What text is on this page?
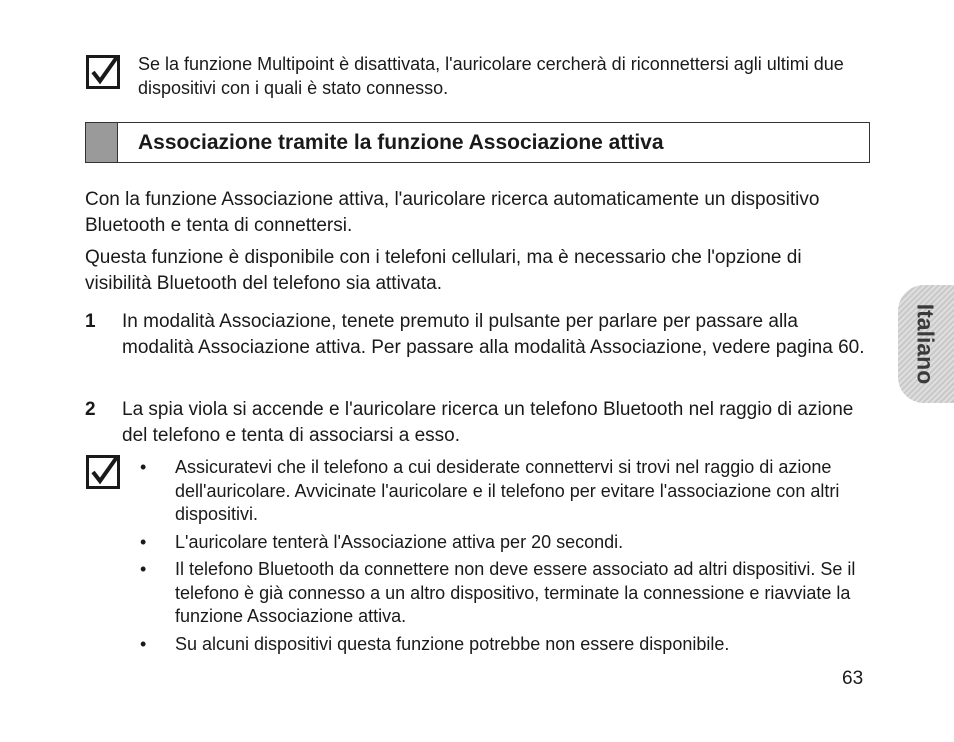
Se la funzione Multipoint è disattivata, l'auricolare cercherà di riconnettersi agli ultimi due dispositivi con i quali è stato connesso.
Associazione tramite la funzione Associazione attiva
Con la funzione Associazione attiva, l'auricolare ricerca automaticamente un dispositivo Bluetooth e tenta di connettersi.
Questa funzione è disponibile con i telefoni cellulari, ma è necessario che l'opzione di visibilità Bluetooth del telefono sia attivata.
1 In modalità Associazione, tenete premuto il pulsante per parlare per passare alla modalità Associazione attiva. Per passare alla modalità Associazione, vedere pagina 60.
2 La spia viola si accende e l'auricolare ricerca un telefono Bluetooth nel raggio di azione del telefono e tenta di associarsi a esso.
•	Assicuratevi che il telefono a cui desiderate connettervi si trovi nel raggio di azione dell'auricolare. Avvicinate l'auricolare e il telefono per evitare l'associazione con altri dispositivi.
•	L'auricolare tenterà l'Associazione attiva per 20 secondi.
•	Il telefono Bluetooth da connettere non deve essere associato ad altri dispositivi. Se il telefono è già connesso a un altro dispositivo, terminate la connessione e riavviate la funzione Associazione attiva.
•	Su alcuni dispositivi questa funzione potrebbe non essere disponibile.
Italiano
63
